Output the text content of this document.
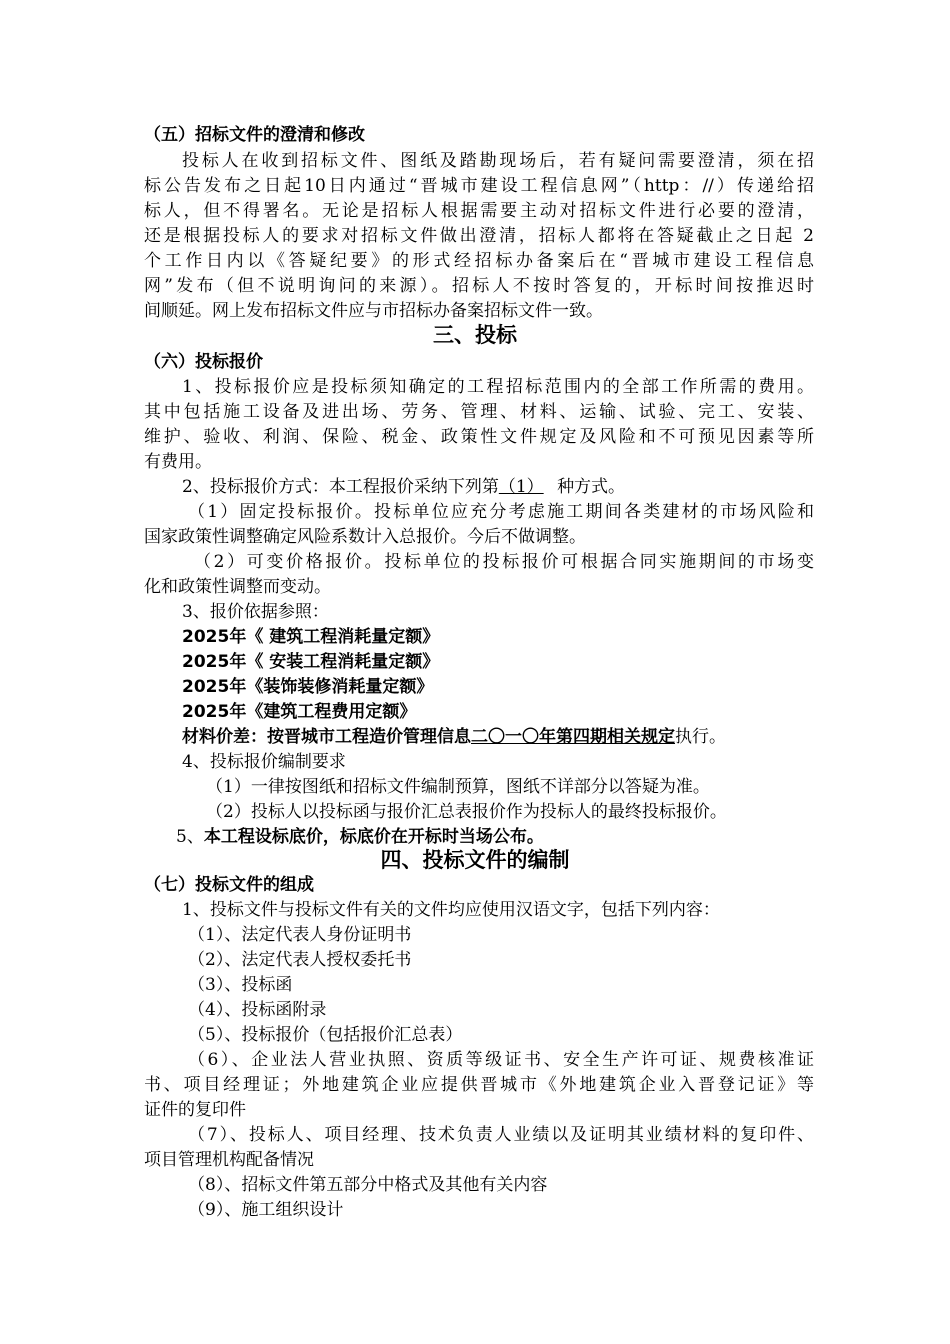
（五）招标文件的澄清和修改
投标人在收到招标文件、图纸及踏勘现场后，若有疑问需要澄清，须在招
标公告发布之日起10日内通过“晋城市建设工程信息网”（http：//）传递给招
标人，但不得署名。无论是招标人根据需要主动对招标文件进行必要的澄清，
还是根据投标人的要求对招标文件做出澄清，招标人都将在答疑截止之日起 2
个工作日内以《答疑纪要》的形式经招标办备案后在“晋城市建设工程信息
网”发布（但不说明询问的来源）。招标人不按时答复的，开标时间按推迟时
间顺延。网上发布招标文件应与市招标办备案招标文件一致。
三、投标
（六）投标报价
1、投标报价应是投标须知确定的工程招标范围内的全部工作所需的费用。
其中包括施工设备及进出场、劳务、管理、材料、运输、试验、完工、安装、
维护、验收、利润、保险、税金、政策性文件规定及风险和不可预见因素等所
有费用。
2、投标报价方式：本工程报价采纳下列第（1） 种方式。
（1）固定投标报价。投标单位应充分考虑施工期间各类建材的市场风险和
国家政策性调整确定风险系数计入总报价。今后不做调整。
（2）可变价格报价。投标单位的投标报价可根据合同实施期间的市场变
化和政策性调整而变动。
3、报价依据参照：
2025年《 建筑工程消耗量定额》
2025年《 安装工程消耗量定额》
2025年《装饰装修消耗量定额》
2025年《建筑工程费用定额》
材料价差：按晋城市工程造价管理信息二〇一〇年第四期相关规定执行。
4、投标报价编制要求
（1）一律按图纸和招标文件编制预算，图纸不详部分以答疑为准。
（2）投标人以投标函与报价汇总表报价作为投标人的最终投标报价。
5、本工程设标底价，标底价在开标时当场公布。
四、投标文件的编制
（七）投标文件的组成
1、投标文件与投标文件有关的文件均应使用汉语文字，包括下列内容：
（1）、法定代表人身份证明书
（2）、法定代表人授权委托书
（3）、投标函
（4）、投标函附录
（5）、投标报价（包括报价汇总表）
（6）、企业法人营业执照、资质等级证书、安全生产许可证、规费核准证
书、项目经理证；外地建筑企业应提供晋城市《外地建筑企业入晋登记证》等
证件的复印件
（7）、投标人、项目经理、技术负责人业绩以及证明其业绩材料的复印件、
项目管理机构配备情况
（8）、招标文件第五部分中格式及其他有关内容
（9）、施工组织设计
